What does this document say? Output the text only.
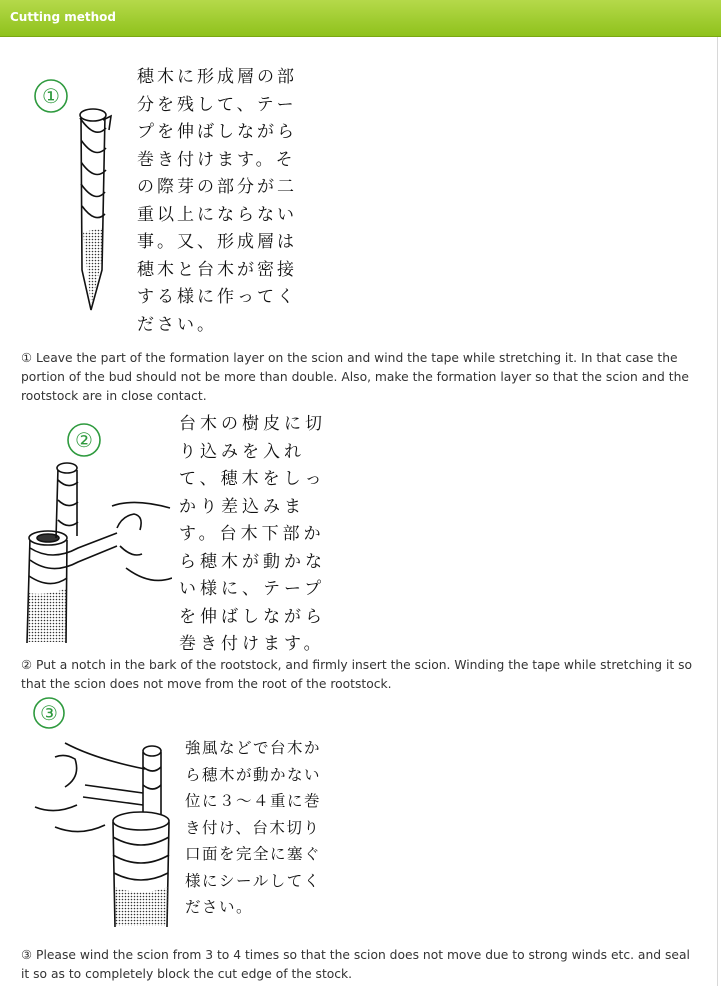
Cutting method
①
穂木に形成層の部
分を残して、テー
プを伸ばしながら
巻き付けます。そ
の際芽の部分が二
重以上にならない
事。又、形成層は
穂木と台木が密接
する様に作ってく
ださい。
① Leave the part of the formation layer on the scion and wind the tape while stretching it. In that case the portion of the bud should not be more than double. Also, make the formation layer so that the scion and the rootstock are in close contact.
②
台木の樹皮に切
り込みを入れ
て、穂木をしっ
かり差込みま
す。台木下部か
ら穂木が動かな
い様に、テープ
を伸ばしながら
巻き付けます。
② Put a notch in the bark of the rootstock, and firmly insert the scion. Winding the tape while stretching it so that the scion does not move from the root of the rootstock.
③
強風などで台木か
ら穂木が動かない
位に３～４重に巻
き付け、台木切り
口面を完全に塞ぐ
様にシールしてく
ださい。
③ Please wind the scion from 3 to 4 times so that the scion does not move due to strong winds etc. and seal it so as to completely block the cut edge of the stock.
